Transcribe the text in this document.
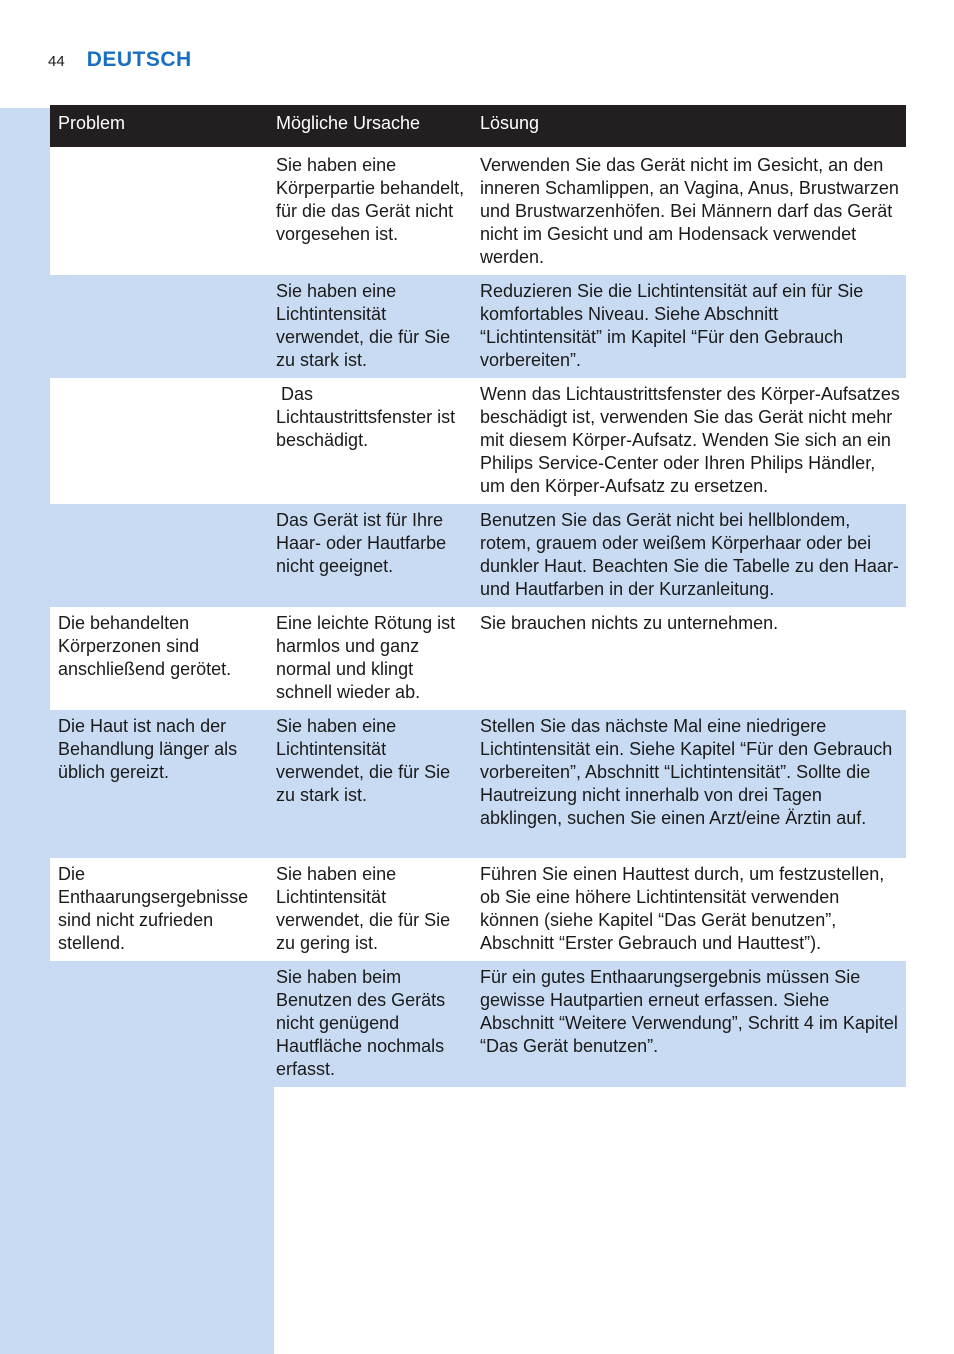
44 DEUTSCH
Problem	Mögliche Ursache	Lösung
	Sie haben eine Körperpartie behandelt, für die das Gerät nicht vorgesehen ist.	Verwenden Sie das Gerät nicht im Gesicht, an den inneren Schamlippen, an Vagina, Anus, Brustwarzen und Brustwarzenhöfen. Bei Männern darf das Gerät nicht im Gesicht und am Hodensack verwendet werden.
	Sie haben eine Lichtintensität verwendet, die für Sie zu stark ist.	Reduzieren Sie die Lichtintensität auf ein für Sie komfortables Niveau. Siehe Abschnitt “Lichtintensität” im Kapitel “Für den Gebrauch vorbereiten”.
	Das Lichtaustrittsfenster ist beschädigt.	Wenn das Lichtaustrittsfenster des Körper-Aufsatzes beschädigt ist, verwenden Sie das Gerät nicht mehr mit diesem Körper-Aufsatz. Wenden Sie sich an ein Philips Service-Center oder Ihren Philips Händler, um den Körper-Aufsatz zu ersetzen.
	Das Gerät ist für Ihre Haar- oder Hautfarbe nicht geeignet.	Benutzen Sie das Gerät nicht bei hellblondem, rotem, grauem oder weißem Körperhaar oder bei dunkler Haut. Beachten Sie die Tabelle zu den Haar- und Hautfarben in der Kurzanleitung.
Die behandelten Körperzonen sind anschließend gerötet.	Eine leichte Rötung ist harmlos und ganz normal und klingt schnell wieder ab.	Sie brauchen nichts zu unternehmen.
Die Haut ist nach der Behandlung länger als üblich gereizt.	Sie haben eine Lichtintensität verwendet, die für Sie zu stark ist.	Stellen Sie das nächste Mal eine niedrigere Lichtintensität ein. Siehe Kapitel “Für den Gebrauch vorbereiten”, Abschnitt “Lichtintensität”. Sollte die Hautreizung nicht innerhalb von drei Tagen abklingen, suchen Sie einen Arzt/eine Ärztin auf.
Die Enthaarungsergebnisse sind nicht zufrieden stellend.	Sie haben eine Lichtintensität verwendet, die für Sie zu gering ist.	Führen Sie einen Hauttest durch, um festzustellen, ob Sie eine höhere Lichtintensität verwenden können (siehe Kapitel “Das Gerät benutzen”, Abschnitt “Erster Gebrauch und Hauttest”).
	Sie haben beim Benutzen des Geräts nicht genügend Hautfläche nochmals erfasst.	Für ein gutes Enthaarungsergebnis müssen Sie gewisse Hautpartien erneut erfassen. Siehe Abschnitt “Weitere Verwendung”, Schritt 4 im Kapitel “Das Gerät benutzen”.
